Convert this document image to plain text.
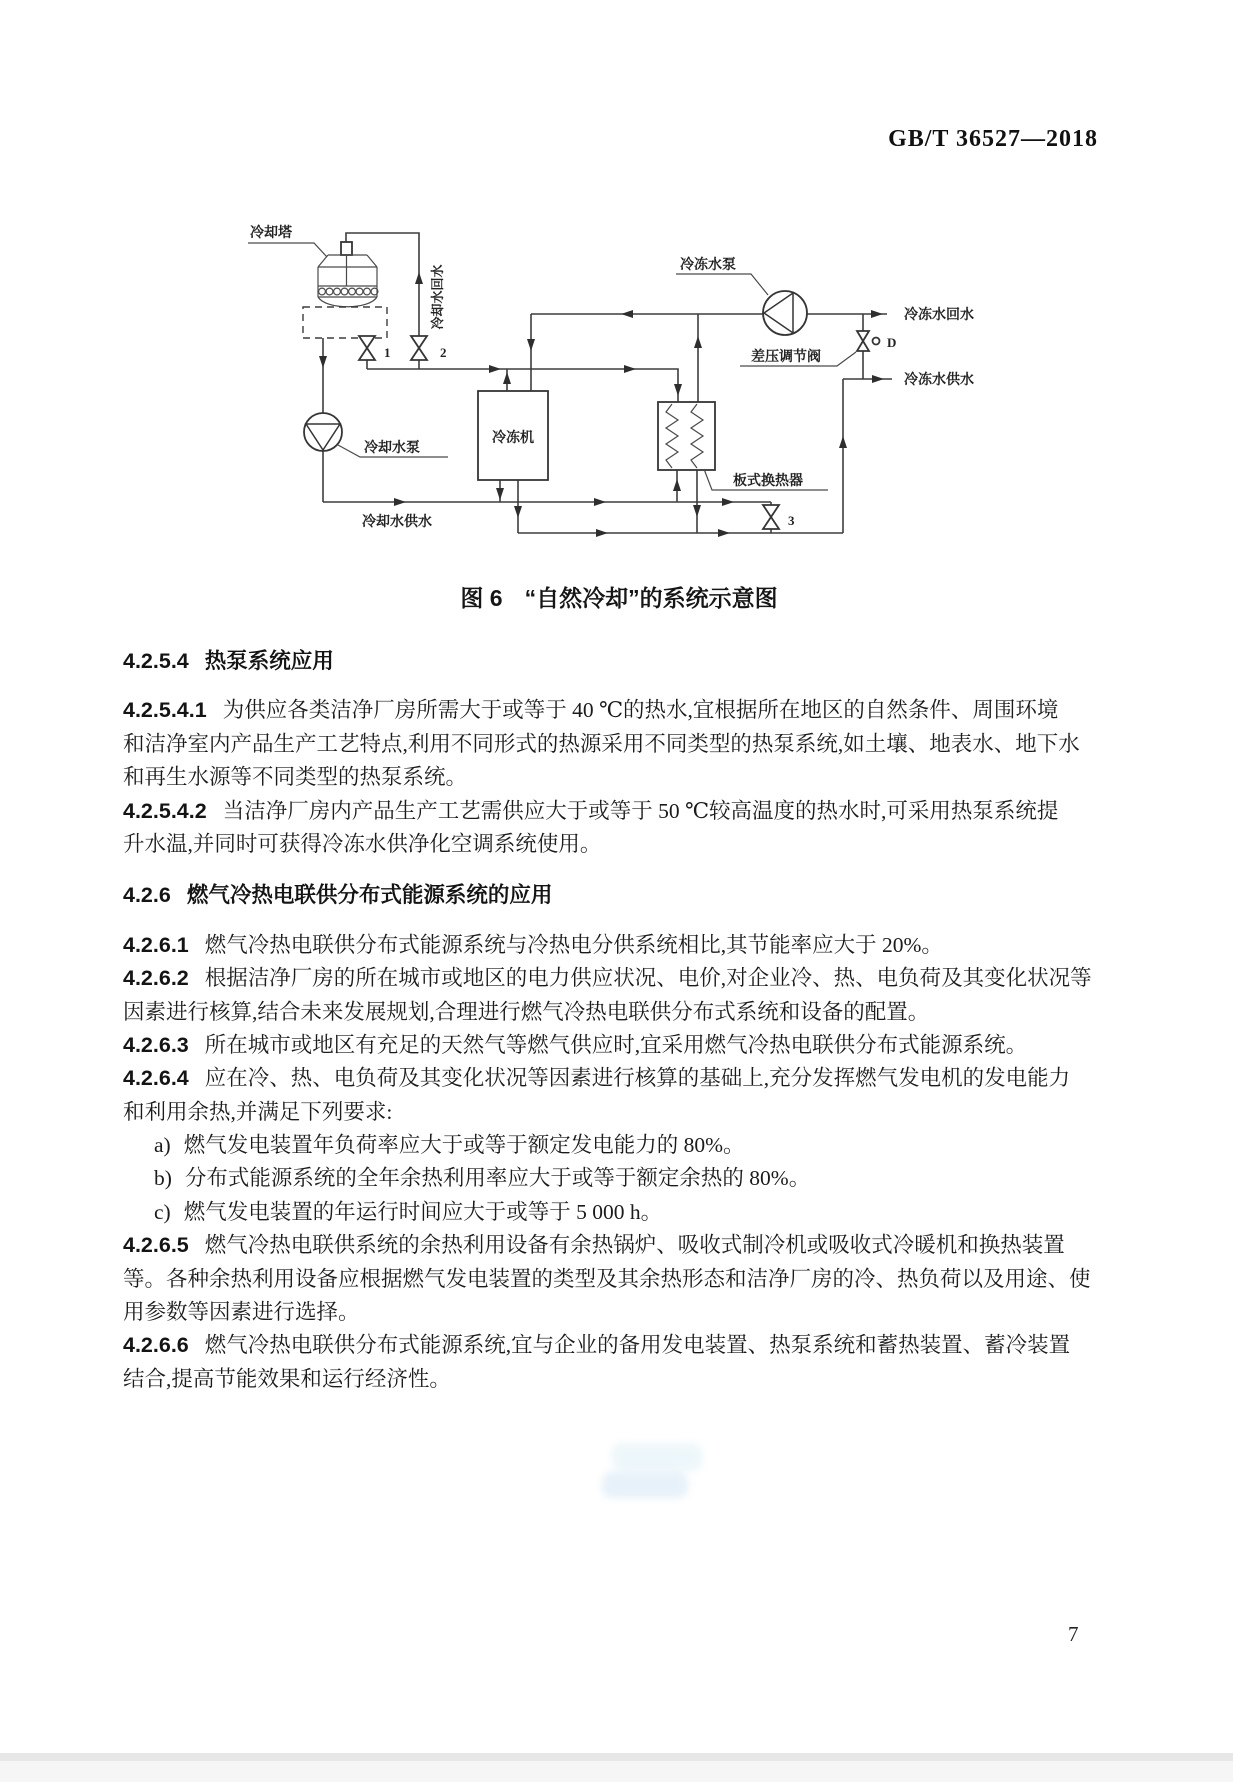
GB/T 36527—2018
冷冻机
冷却塔
冷却水回水
1	2
冷却水泵
冷冻水泵
板式换热器
差压调节阀
D
冷冻水回水
冷冻水供水
冷却水供水	3
图 6 “自然冷却”的系统示意图
4.2.5.4 热泵系统应用
4.2.5.4.1 为供应各类洁净厂房所需大于或等于 40 ℃的热水,宜根据所在地区的自然条件、周围环境
和洁净室内产品生产工艺特点,利用不同形式的热源采用不同类型的热泵系统,如土壤、地表水、地下水
和再生水源等不同类型的热泵系统。
4.2.5.4.2 当洁净厂房内产品生产工艺需供应大于或等于 50 ℃较高温度的热水时,可采用热泵系统提
升水温,并同时可获得冷冻水供净化空调系统使用。
4.2.6 燃气冷热电联供分布式能源系统的应用
4.2.6.1 燃气冷热电联供分布式能源系统与冷热电分供系统相比,其节能率应大于 20%。
4.2.6.2 根据洁净厂房的所在城市或地区的电力供应状况、电价,对企业冷、热、电负荷及其变化状况等
因素进行核算,结合未来发展规划,合理进行燃气冷热电联供分布式系统和设备的配置。
4.2.6.3 所在城市或地区有充足的天然气等燃气供应时,宜采用燃气冷热电联供分布式能源系统。
4.2.6.4 应在冷、热、电负荷及其变化状况等因素进行核算的基础上,充分发挥燃气发电机的发电能力
和利用余热,并满足下列要求:
a) 燃气发电装置年负荷率应大于或等于额定发电能力的 80%。
b) 分布式能源系统的全年余热利用率应大于或等于额定余热的 80%。
c) 燃气发电装置的年运行时间应大于或等于 5 000 h。
4.2.6.5 燃气冷热电联供系统的余热利用设备有余热锅炉、吸收式制冷机或吸收式冷暖机和换热装置
等。各种余热利用设备应根据燃气发电装置的类型及其余热形态和洁净厂房的冷、热负荷以及用途、使
用参数等因素进行选择。
4.2.6.6 燃气冷热电联供分布式能源系统,宜与企业的备用发电装置、热泵系统和蓄热装置、蓄冷装置
结合,提高节能效果和运行经济性。
7
